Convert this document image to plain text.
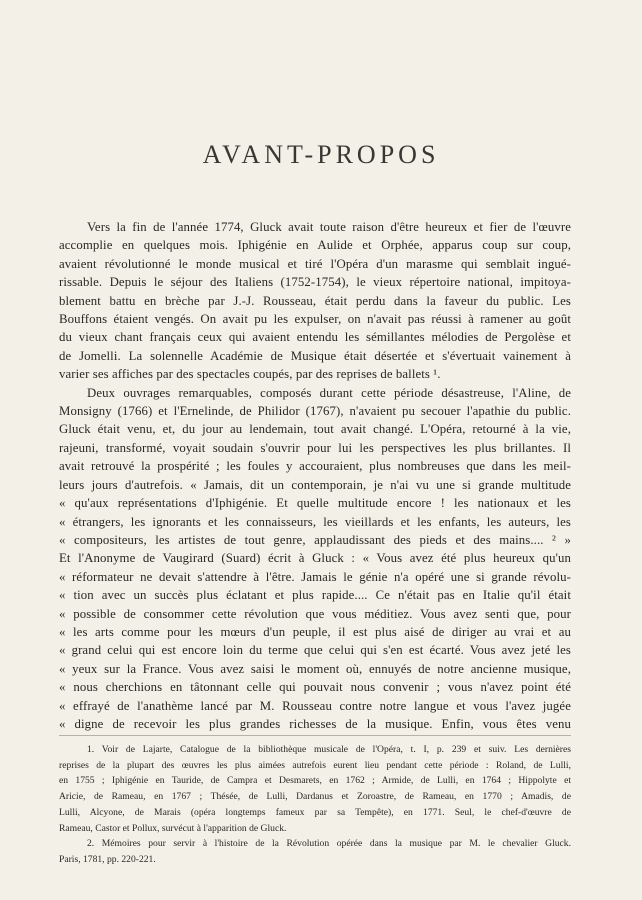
AVANT-PROPOS
Vers la fin de l'année 1774, Gluck avait toute raison d'être heureux et fier de l'œuvre
accomplie en quelques mois. Iphigénie en Aulide et Orphée, apparus coup sur coup,
avaient révolutionné le monde musical et tiré l'Opéra d'un marasme qui semblait ingué-
rissable. Depuis le séjour des Italiens (1752-1754), le vieux répertoire national, impitoya-
blement battu en brèche par J.-J. Rousseau, était perdu dans la faveur du public. Les
Bouffons étaient vengés. On avait pu les expulser, on n'avait pas réussi à ramener au goût
du vieux chant français ceux qui avaient entendu les sémillantes mélodies de Pergolèse et
de Jomelli. La solennelle Académie de Musique était désertée et s'évertuait vainement à
varier ses affiches par des spectacles coupés, par des reprises de ballets ¹.
Deux ouvrages remarquables, composés durant cette période désastreuse, l'Aline, de
Monsigny (1766) et l'Ernelinde, de Philidor (1767), n'avaient pu secouer l'apathie du public.
Gluck était venu, et, du jour au lendemain, tout avait changé. L'Opéra, retourné à la vie,
rajeuni, transformé, voyait soudain s'ouvrir pour lui les perspectives les plus brillantes. Il
avait retrouvé la prospérité ; les foules y accouraient, plus nombreuses que dans les meil-
leurs jours d'autrefois. « Jamais, dit un contemporain, je n'ai vu une si grande multitude
« qu'aux représentations d'Iphigénie. Et quelle multitude encore ! les nationaux et les
« étrangers, les ignorants et les connaisseurs, les vieillards et les enfants, les auteurs, les
« compositeurs, les artistes de tout genre, applaudissant des pieds et des mains.... ² »
Et l'Anonyme de Vaugirard (Suard) écrit à Gluck : « Vous avez été plus heureux qu'un
« réformateur ne devait s'attendre à l'être. Jamais le génie n'a opéré une si grande révolu-
« tion avec un succès plus éclatant et plus rapide.... Ce n'était pas en Italie qu'il était
« possible de consommer cette révolution que vous méditiez. Vous avez senti que, pour
« les arts comme pour les mœurs d'un peuple, il est plus aisé de diriger au vrai et au
« grand celui qui est encore loin du terme que celui qui s'en est écarté. Vous avez jeté les
« yeux sur la France. Vous avez saisi le moment où, ennuyés de notre ancienne musique,
« nous cherchions en tâtonnant celle qui pouvait nous convenir ; vous n'avez point été
« effrayé de l'anathème lancé par M. Rousseau contre notre langue et vous l'avez jugée
« digne de recevoir les plus grandes richesses de la musique. Enfin, vous êtes venu
1. Voir de Lajarte, Catalogue de la bibliothèque musicale de l'Opéra, t. I, p. 239 et suiv. Les dernières
reprises de la plupart des œuvres les plus aimées autrefois eurent lieu pendant cette période : Roland, de Lulli,
en 1755 ; Iphigénie en Tauride, de Campra et Desmarets, en 1762 ; Armide, de Lulli, en 1764 ; Hippolyte et
Aricie, de Rameau, en 1767 ; Thésée, de Lulli, Dardanus et Zoroastre, de Rameau, en 1770 ; Amadis, de
Lulli, Alcyone, de Marais (opéra longtemps fameux par sa Tempête), en 1771. Seul, le chef-d'œuvre de
Rameau, Castor et Pollux, survécut à l'apparition de Gluck.
2. Mémoires pour servir à l'histoire de la Révolution opérée dans la musique par M. le chevalier Gluck.
Paris, 1781, pp. 220-221.
